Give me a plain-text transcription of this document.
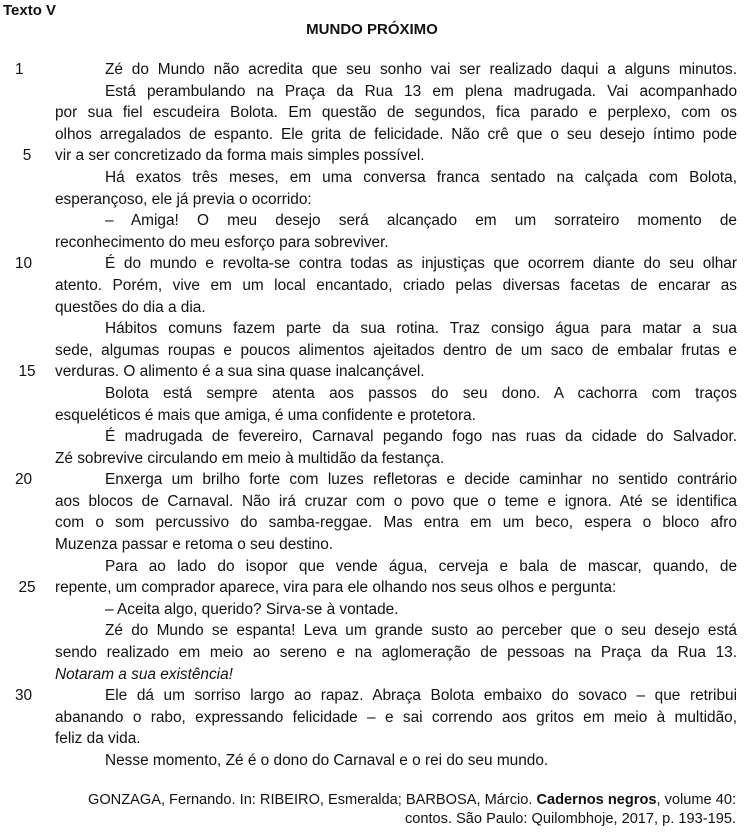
Texto V
MUNDO PRÓXIMO
1	Zé do Mundo não acredita que seu sonho vai ser realizado daqui a alguns minutos.
Está perambulando na Praça da Rua 13 em plena madrugada. Vai acompanhado
por sua fiel escudeira Bolota. Em questão de segundos, fica parado e perplexo, com os
olhos arregalados de espanto. Ele grita de felicidade. Não crê que o seu desejo íntimo pode
5	vir a ser concretizado da forma mais simples possível.
Há exatos três meses, em uma conversa franca sentado na calçada com Bolota,
esperançoso, ele já previa o ocorrido:
– Amiga! O meu desejo será alcançado em um sorrateiro momento de
reconhecimento do meu esforço para sobreviver.
10	É do mundo e revolta-se contra todas as injustiças que ocorrem diante do seu olhar
atento. Porém, vive em um local encantado, criado pelas diversas facetas de encarar as
questões do dia a dia.
Hábitos comuns fazem parte da sua rotina. Traz consigo água para matar a sua
sede, algumas roupas e poucos alimentos ajeitados dentro de um saco de embalar frutas e
15 verduras. O alimento é a sua sina quase inalcançável.
Bolota está sempre atenta aos passos do seu dono. A cachorra com traços
esqueléticos é mais que amiga, é uma confidente e protetora.
É madrugada de fevereiro, Carnaval pegando fogo nas ruas da cidade do Salvador.
Zé sobrevive circulando em meio à multidão da festança.
20	Enxerga um brilho forte com luzes refletoras e decide caminhar no sentido contrário
aos blocos de Carnaval. Não irá cruzar com o povo que o teme e ignora. Até se identifica
com o som percussivo do samba-reggae. Mas entra em um beco, espera o bloco afro
Muzenza passar e retoma o seu destino.
Para ao lado do isopor que vende água, cerveja e bala de mascar, quando, de
25 repente, um comprador aparece, vira para ele olhando nos seus olhos e pergunta:
– Aceita algo, querido? Sirva-se à vontade.
Zé do Mundo se espanta! Leva um grande susto ao perceber que o seu desejo está
sendo realizado em meio ao sereno e na aglomeração de pessoas na Praça da Rua 13.
Notaram a sua existência!
30	Ele dá um sorriso largo ao rapaz. Abraça Bolota embaixo do sovaco – que retribui
abanando o rabo, expressando felicidade – e sai correndo aos gritos em meio à multidão,
feliz da vida.
Nesse momento, Zé é o dono do Carnaval e o rei do seu mundo.
GONZAGA, Fernando. In: RIBEIRO, Esmeralda; BARBOSA, Márcio. Cadernos negros, volume 40: contos. São Paulo: Quilombhoje, 2017, p. 193-195.
